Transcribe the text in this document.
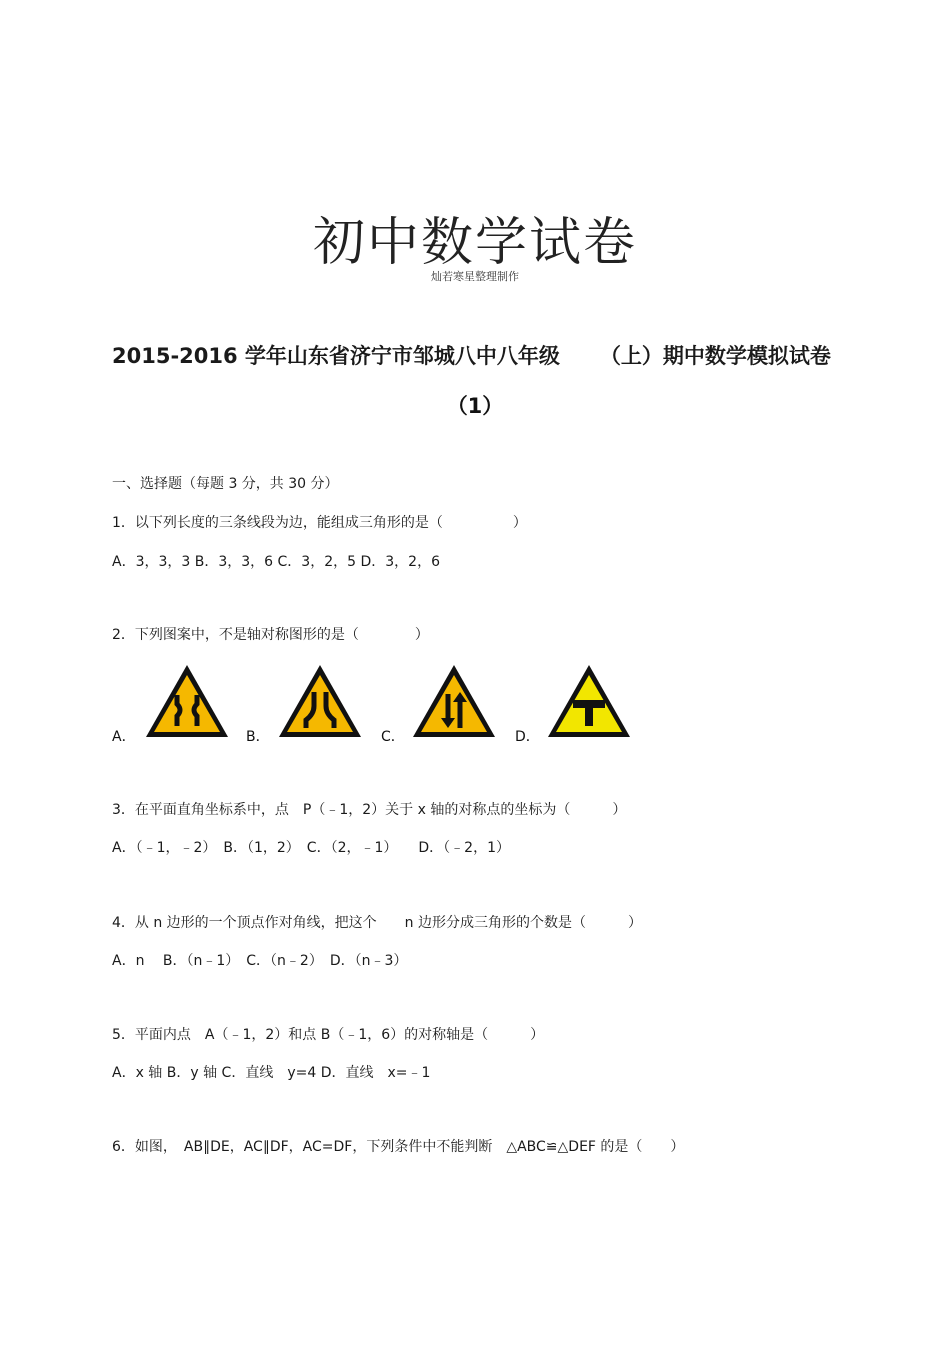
初中数学试卷
灿若寒星整理制作
2015-2016 学年山东省济宁市邹城八中八年级 （上）期中数学模拟试卷
（1）
一、选择题（每题 3 分，共 30 分）
1．以下列长度的三条线段为边，能组成三角形的是（　　　　　）
A．3，3，3 B．3，3，6 C．3，2，5 D．3，2，6
2．下列图案中，不是轴对称图形的是（　　　　）
A．	B．	C．	D．
3．在平面直角坐标系中，点　P（﹣1，2）关于 x 轴的对称点的坐标为（　　　）
A．（﹣1，﹣2）　B．（1，2）　C．（2，﹣1）　　D．（﹣2，1）
4．从 n 边形的一个顶点作对角线，把这个　　n 边形分成三角形的个数是（　　　）
A．n　 B．（n﹣1）　C．（n﹣2）　D．（n﹣3）
5．平面内点　A（﹣1，2）和点 B（﹣1，6）的对称轴是（　　　）
A．x 轴 B．y 轴 C．直线　y=4 D．直线　x=﹣1
6．如图，　AB∥DE，AC∥DF，AC=DF，下列条件中不能判断　△ABC≌△DEF 的是（　　）
